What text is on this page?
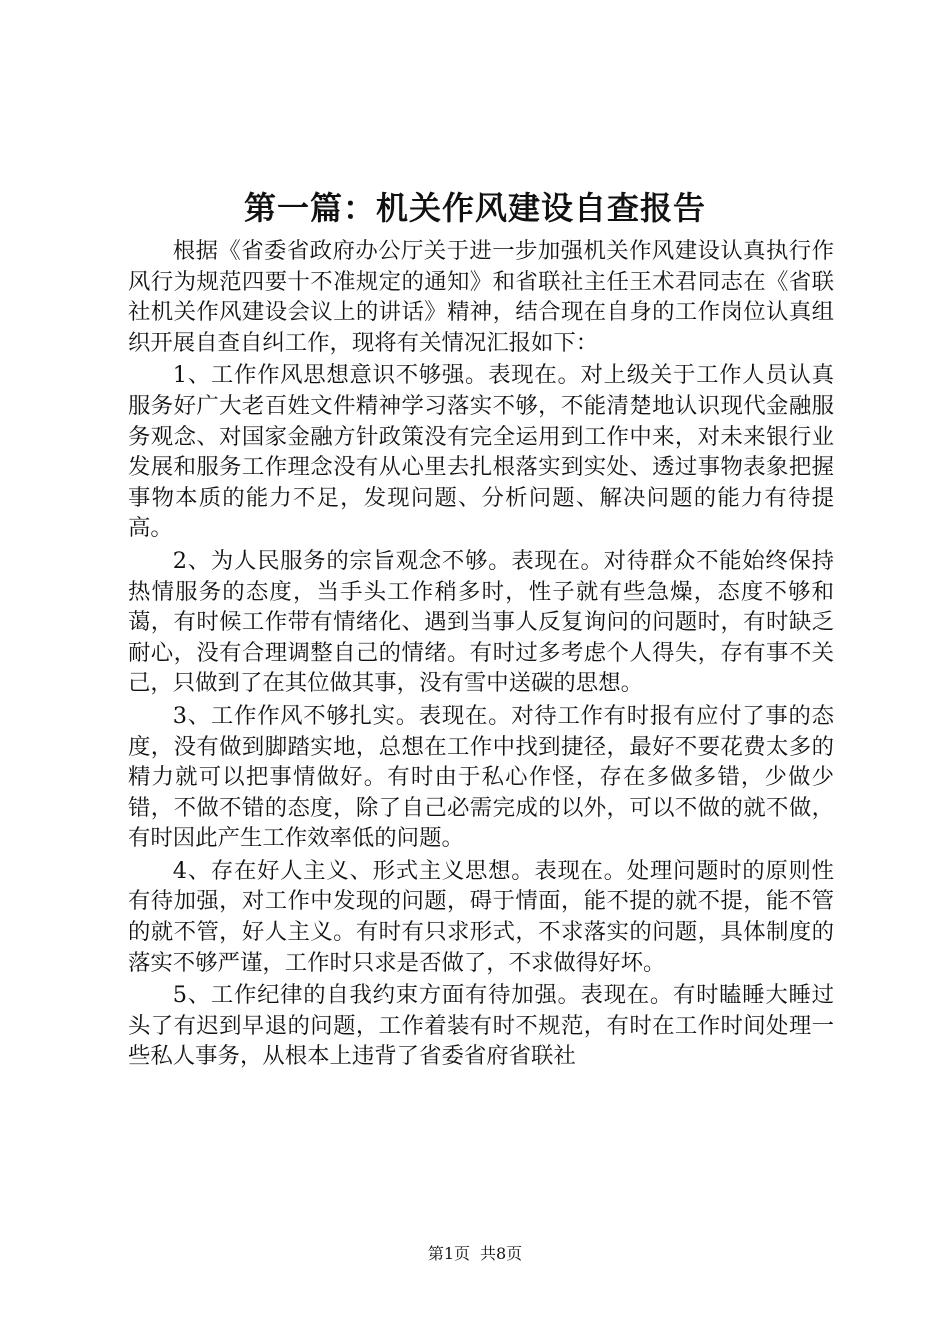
第一篇：机关作风建设自查报告

根据《省委省政府办公厅关于进一步加强机关作风建设认真执行作风行为规范四要十不准规定的通知》和省联社主任王术君同志在《省联社机关作风建设会议上的讲话》精神，结合现在自身的工作岗位认真组织开展自查自纠工作，现将有关情况汇报如下：

1、工作作风思想意识不够强。表现在。对上级关于工作人员认真服务好广大老百姓文件精神学习落实不够，不能清楚地认识现代金融服务观念、对国家金融方针政策没有完全运用到工作中来，对未来银行业发展和服务工作理念没有从心里去扎根落实到实处、透过事物表象把握事物本质的能力不足，发现问题、分析问题、解决问题的能力有待提高。

2、为人民服务的宗旨观念不够。表现在。对待群众不能始终保持热情服务的态度，当手头工作稍多时，性子就有些急燥，态度不够和蔼，有时候工作带有情绪化、遇到当事人反复询问的问题时，有时缺乏耐心，没有合理调整自己的情绪。有时过多考虑个人得失，存有事不关己，只做到了在其位做其事，没有雪中送碳的思想。

3、工作作风不够扎实。表现在。对待工作有时报有应付了事的态度，没有做到脚踏实地，总想在工作中找到捷径，最好不要花费太多的精力就可以把事情做好。有时由于私心作怪，存在多做多错，少做少错，不做不错的态度，除了自己必需完成的以外，可以不做的就不做，有时因此产生工作效率低的问题。

4、存在好人主义、形式主义思想。表现在。处理问题时的原则性有待加强，对工作中发现的问题，碍于情面，能不提的就不提，能不管的就不管，好人主义。有时有只求形式，不求落实的问题，具体制度的落实不够严谨，工作时只求是否做了，不求做得好坏。

5、工作纪律的自我约束方面有待加强。表现在。有时瞌睡大睡过头了有迟到早退的问题，工作着装有时不规范，有时在工作时间处理一些私人事务，从根本上违背了省委省府省联社

第1页 共8页
